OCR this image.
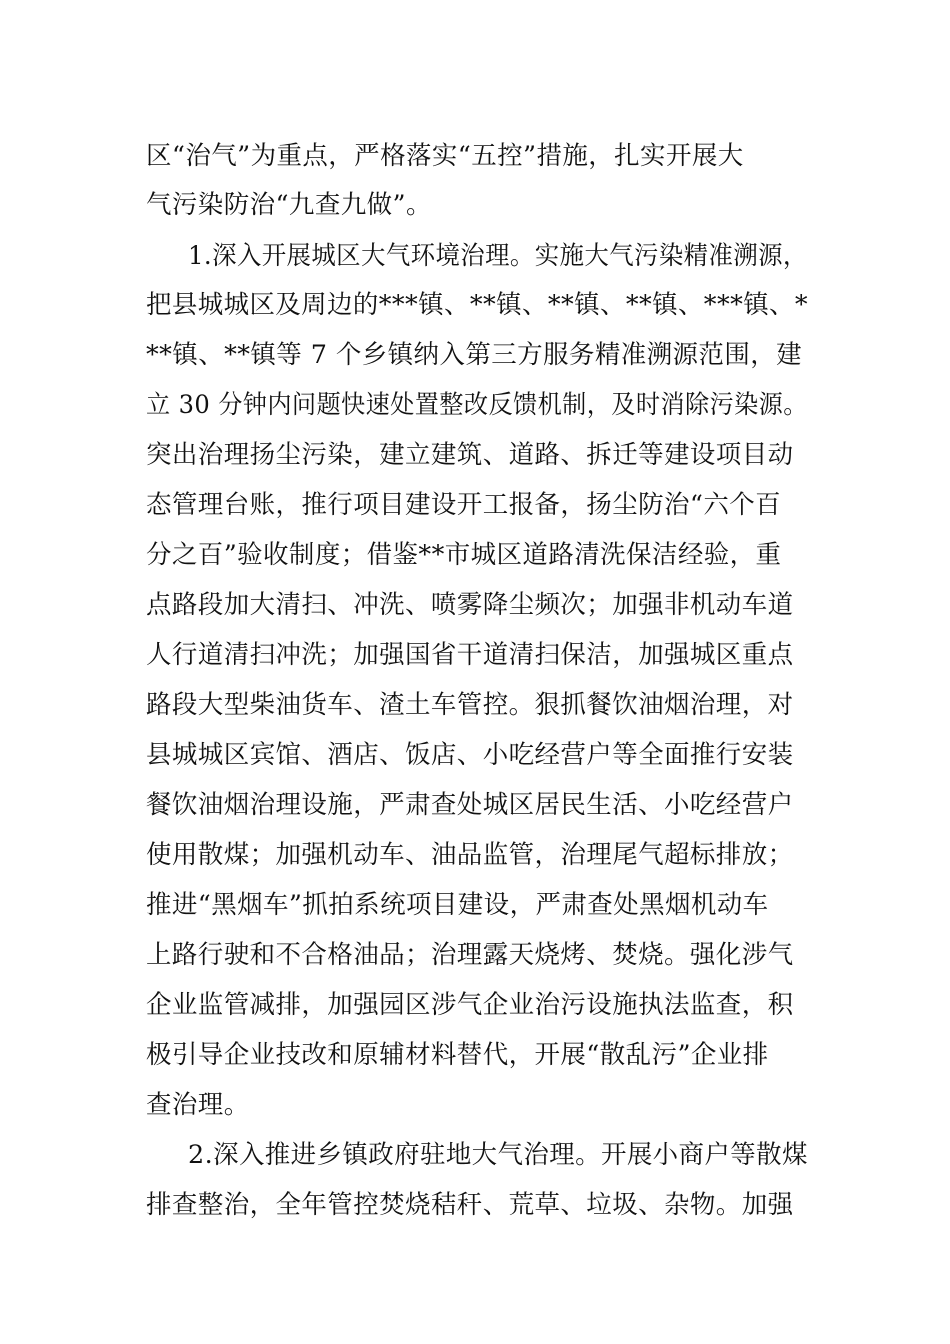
区“治气”为重点，严格落实“五控”措施，扎实开展大
气污染防治“九查九做”。
1.深入开展城区大气环境治理。实施大气污染精准溯源，
把县城城区及周边的***镇、**镇、**镇、**镇、***镇、*
**镇、**镇等 7 个乡镇纳入第三方服务精准溯源范围，建
立 30 分钟内问题快速处置整改反馈机制，及时消除污染源。
突出治理扬尘污染，建立建筑、道路、拆迁等建设项目动
态管理台账，推行项目建设开工报备，扬尘防治“六个百
分之百”验收制度；借鉴**市城区道路清洗保洁经验，重
点路段加大清扫、冲洗、喷雾降尘频次；加强非机动车道
人行道清扫冲洗；加强国省干道清扫保洁，加强城区重点
路段大型柴油货车、渣土车管控。狠抓餐饮油烟治理，对
县城城区宾馆、酒店、饭店、小吃经营户等全面推行安装
餐饮油烟治理设施，严肃查处城区居民生活、小吃经营户
使用散煤；加强机动车、油品监管，治理尾气超标排放；
推进“黑烟车”抓拍系统项目建设，严肃查处黑烟机动车
上路行驶和不合格油品；治理露天烧烤、焚烧。强化涉气
企业监管减排，加强园区涉气企业治污设施执法监查，积
极引导企业技改和原辅材料替代，开展“散乱污”企业排
查治理。
2.深入推进乡镇政府驻地大气治理。开展小商户等散煤
排查整治，全年管控焚烧秸秆、荒草、垃圾、杂物。加强
